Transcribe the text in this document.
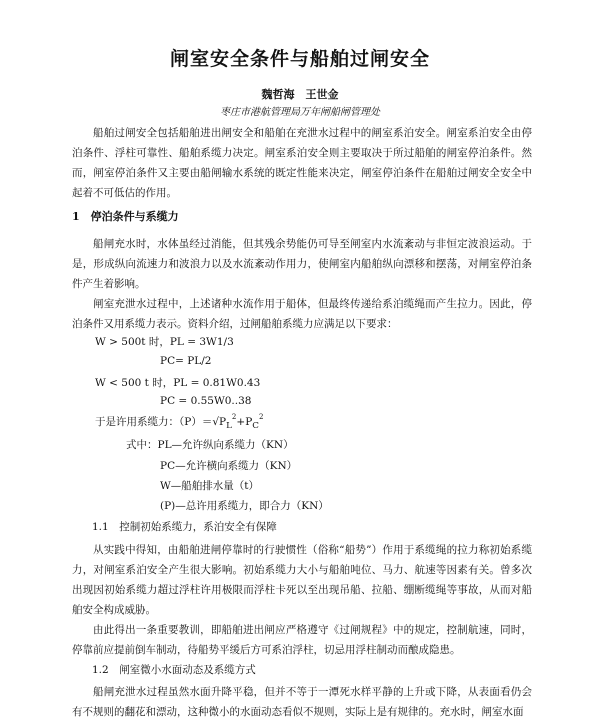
闸室安全条件与船舶过闸安全
魏哲海　王世金
枣庄市港航管理局万年闸船闸管理处

船舶过闸安全包括船舶进出闸安全和船舶在充泄水过程中的闸室系泊安全。闸室系泊安全由停泊条件、浮柱可靠性、船舶系缆力决定。闸室系泊安全则主要取决于所过船舶的闸室停泊条件。然而，闸室停泊条件又主要由船闸输水系统的既定性能来决定，闸室停泊条件在船舶过闸安全安全中起着不可低估的作用。

1　停泊条件与系缆力

船闸充水时，水体虽经过消能，但其残余势能仍可导至闸室内水流紊动与非恒定波浪运动。于是，形成纵向流速力和波浪力以及水流紊动作用力，使闸室内船舶纵向漂移和摆荡，对闸室停泊条件产生着影响。

闸室充泄水过程中，上述诸种水流作用于船体，但最终传递给系泊缆绳而产生拉力。因此，停泊条件又用系缆力表示。资料介绍，过闸船舶系缆力应满足以下要求：

W > 500t 时，PL = 3W1/3

PC= PL/2

W < 500 t 时，PL = 0.81W0.43

PC = 0.55W0..38

于是许用系缆力：$(P)=√P_L^2+P_C^2$

式中：PL—允许纵向系缆力（KN）

PC—允许横向系缆力（KN）

W—船舶排水量（t）

(P)—总许用系缆力，即合力（KN）

1.1　控制初始系缆力，系泊安全有保障

从实践中得知，由船舶进闸停靠时的行驶惯性（俗称“船势”）作用于系缆绳的拉力称初始系缆力，对闸室系泊安全产生很大影响。初始系缆力大小与船舶吨位、马力、航速等因素有关。曾多次出现因初始系缆力超过浮柱许用极限而浮柱卡死以至出现吊船、拉船、绷断缆绳等事故，从而对船舶安全构成威胁。

由此得出一条重要教训，即船舶进出闸应严格遵守《过闸规程》中的规定，控制航速，同时，停靠前应提前倒车制动，待船势平缓后方可系泊浮柱，切忌用浮柱制动而酿成隐患。

1.2　闸室微小水面动态及系缆方式

船闸充泄水过程虽然水面升降平稳，但并不等于一潭死水样平静的上升或下降，从表面看仍会有不规则的翻花和漂动，这种微小的水面动态看似不规则，实际上是有规律的。充水时，闸室水面
